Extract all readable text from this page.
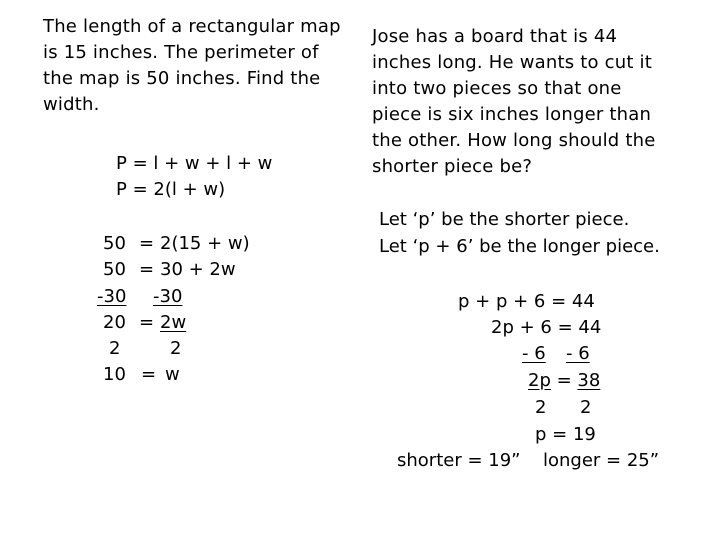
The length of a rectangular map
is 15 inches. The perimeter of
the map is 50 inches. Find the
width.
P = l + w + l + w
P = 2(l + w)
50 = 2(15 + w)
50 = 30 + 2w
-30 -30
20 = 2w
2	2
10 = w
Jose has a board that is 44
inches long. He wants to cut it
into two pieces so that one
piece is six inches longer than
the other. How long should the
shorter piece be?
Let ‘p’ be the shorter piece.
Let ‘p + 6’ be the longer piece.
p + p + 6 = 44
2p + 6 = 44
- 6 - 6
2p = 38
2 2
p = 19
shorter = 19” longer = 25”
